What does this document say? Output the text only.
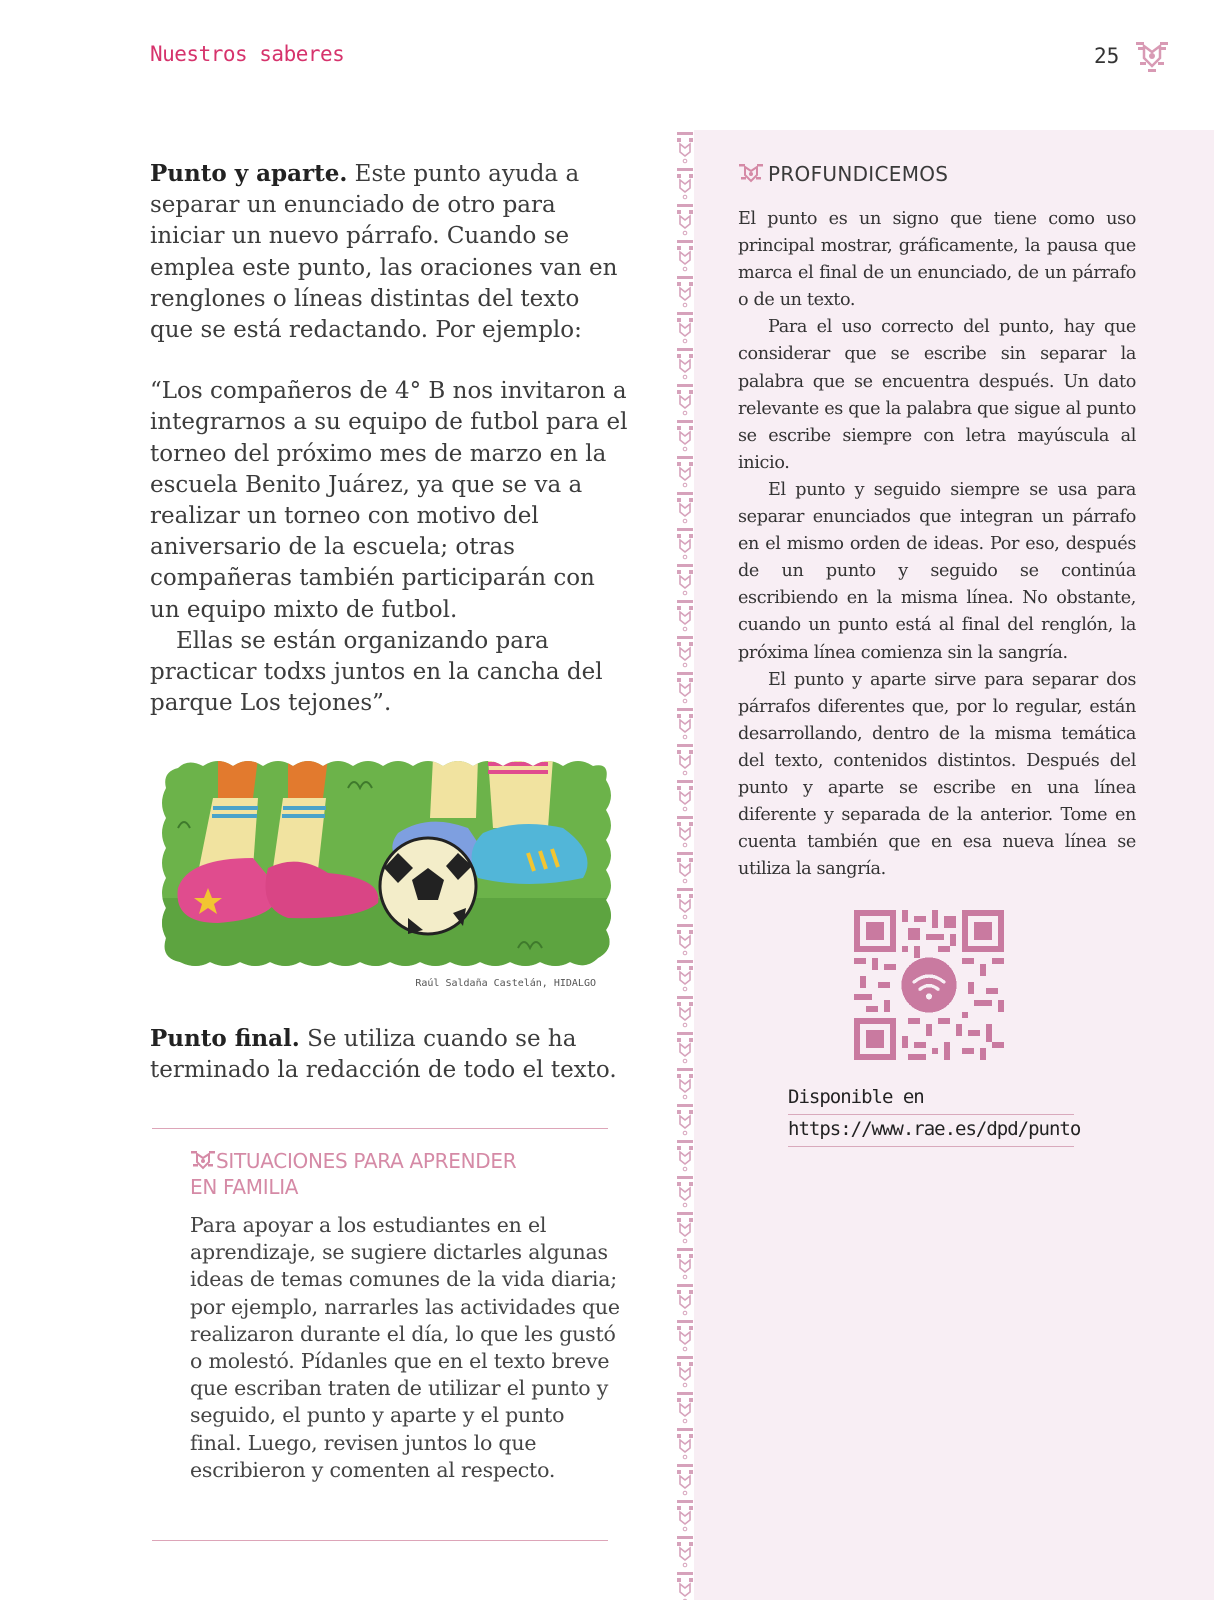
Nuestros saberes	25

Punto y aparte. Este punto ayuda a separar un enunciado de otro para iniciar un nuevo párrafo. Cuando se emplea este punto, las oraciones van en renglones o líneas distintas del texto que se está redactando. Por ejemplo:

“Los compañeros de 4° B nos invitaron a integrarnos a su equipo de futbol para el torneo del próximo mes de marzo en la escuela Benito Juárez, ya que se va a realizar un torneo con motivo del aniversario de la escuela; otras compañeras también participarán con un equipo mixto de futbol.

Ellas se están organizando para practicar todxs juntos en la cancha del parque Los tejones”.

Raúl Saldaña Castelán, HIDALGO

Punto final. Se utiliza cuando se ha terminado la redacción de todo el texto.

SITUACIONES PARA APRENDER
EN FAMILIA

Para apoyar a los estudiantes en el aprendizaje, se sugiere dictarles algunas ideas de temas comunes de la vida diaria; por ejemplo, narrarles las actividades que realizaron durante el día, lo que les gustó o molestó. Pídanles que en el texto breve que escriban traten de utilizar el punto y seguido, el punto y aparte y el punto final. Luego, revisen juntos lo que escribieron y comenten al respecto.

PROFUNDICEMOS

El punto es un signo que tiene como uso principal mostrar, gráficamente, la pausa que marca el final de un enunciado, de un párrafo o de un texto.

Para el uso correcto del punto, hay que considerar que se escribe sin separar la palabra que se encuentra después. Un dato relevante es que la palabra que sigue al punto se escribe siempre con letra mayúscula al inicio.

El punto y seguido siempre se usa para separar enunciados que integran un párrafo en el mismo orden de ideas. Por eso, después de un punto y seguido se continúa escribiendo en la misma línea. No obstante, cuando un punto está al final del renglón, la próxima línea comienza sin la sangría.

El punto y aparte sirve para separar dos párrafos diferentes que, por lo regular, están desarrollando, dentro de la misma temática del texto, contenidos distintos. Después del punto y aparte se escribe en una línea diferente y separada de la anterior. Tome en cuenta también que en esa nueva línea se utiliza la sangría.

Disponible en
https://www.rae.es/dpd/punto
